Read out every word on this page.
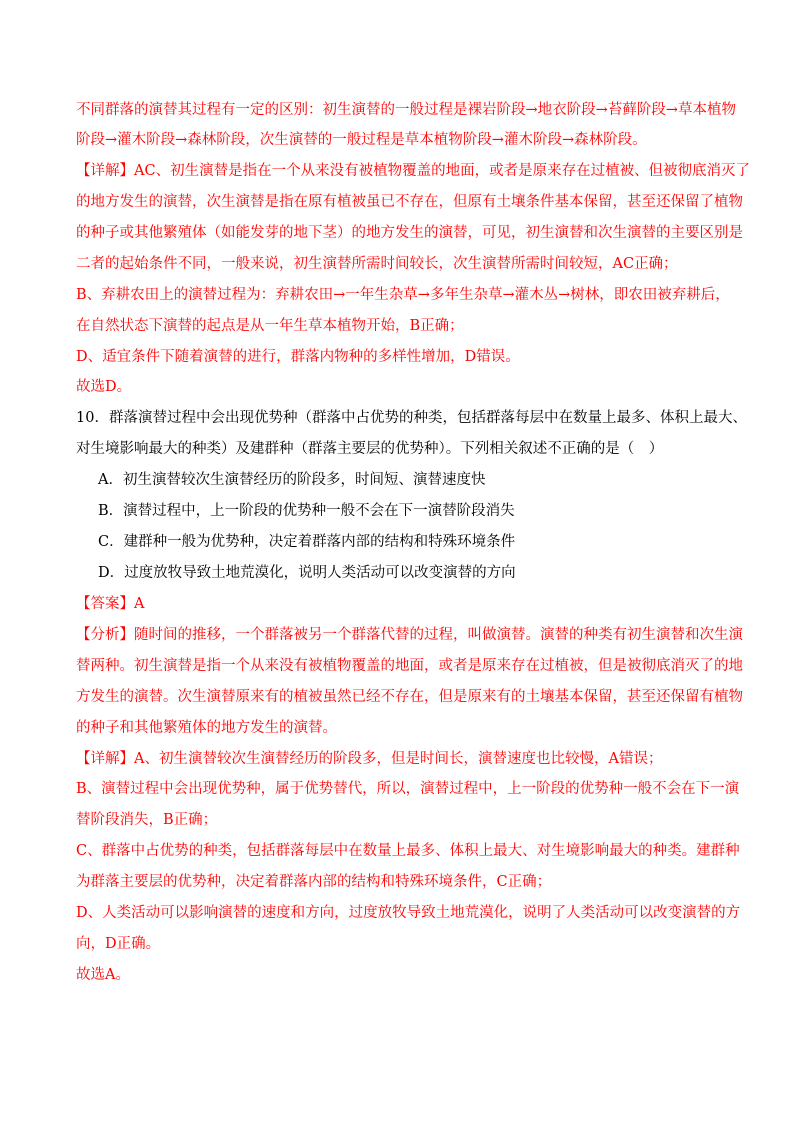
不同群落的演替其过程有一定的区别：初生演替的一般过程是裸岩阶段→地衣阶段→苔藓阶段→草本植物

阶段→灌木阶段→森林阶段，次生演替的一般过程是草本植物阶段→灌木阶段→森林阶段。

【详解】AC、初生演替是指在一个从来没有被植物覆盖的地面，或者是原来存在过植被、但被彻底消灭了

的地方发生的演替，次生演替是指在原有植被虽已不存在，但原有土壤条件基本保留，甚至还保留了植物

的种子或其他繁殖体（如能发芽的地下茎）的地方发生的演替，可见，初生演替和次生演替的主要区别是

二者的起始条件不同，一般来说，初生演替所需时间较长，次生演替所需时间较短，AC正确；

B、弃耕农田上的演替过程为：弃耕农田→一年生杂草→多年生杂草→灌木丛→树林，即农田被弃耕后，

在自然状态下演替的起点是从一年生草本植物开始，B正确；

D、适宜条件下随着演替的进行，群落内物种的多样性增加，D错误。

故选D。

10．群落演替过程中会出现优势种（群落中占优势的种类，包括群落每层中在数量上最多、体积上最大、

对生境影响最大的种类）及建群种（群落主要层的优势种）。下列相关叙述不正确的是（　）

A．初生演替较次生演替经历的阶段多，时间短、演替速度快

B．演替过程中，上一阶段的优势种一般不会在下一演替阶段消失

C．建群种一般为优势种，决定着群落内部的结构和特殊环境条件

D．过度放牧导致土地荒漠化，说明人类活动可以改变演替的方向

【答案】A

【分析】随时间的推移，一个群落被另一个群落代替的过程，叫做演替。演替的种类有初生演替和次生演

替两种。初生演替是指一个从来没有被植物覆盖的地面，或者是原来存在过植被，但是被彻底消灭了的地

方发生的演替。次生演替原来有的植被虽然已经不存在，但是原来有的土壤基本保留，甚至还保留有植物

的种子和其他繁殖体的地方发生的演替。

【详解】A、初生演替较次生演替经历的阶段多，但是时间长，演替速度也比较慢，A错误；

B、演替过程中会出现优势种，属于优势替代，所以，演替过程中，上一阶段的优势种一般不会在下一演

替阶段消失，B正确；

C、群落中占优势的种类，包括群落每层中在数量上最多、体积上最大、对生境影响最大的种类。建群种

为群落主要层的优势种，决定着群落内部的结构和特殊环境条件，C正确；

D、人类活动可以影响演替的速度和方向，过度放牧导致土地荒漠化，说明了人类活动可以改变演替的方

向，D正确。

故选A。
